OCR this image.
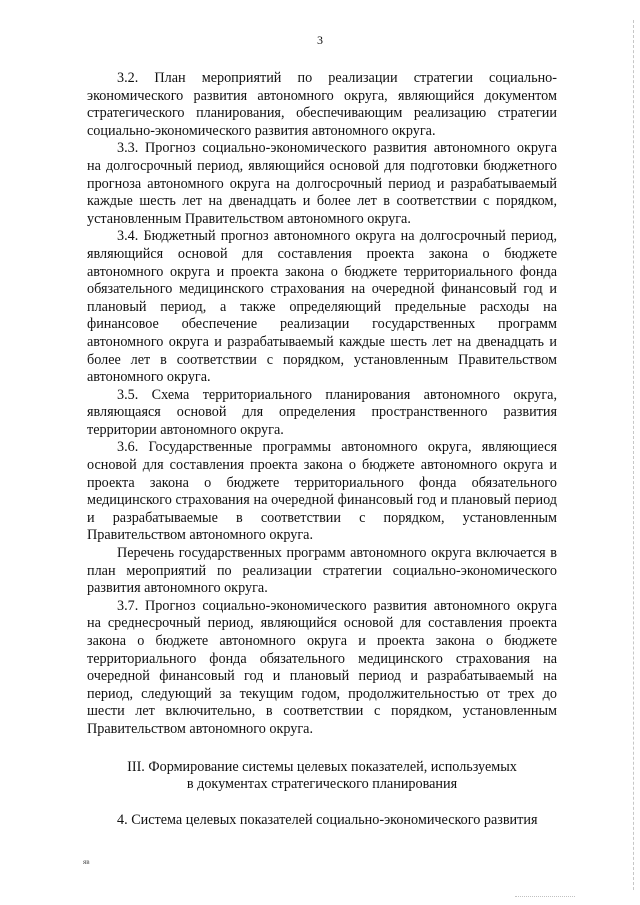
3

3.2. План мероприятий по реализации стратегии социально-экономического развития автономного округа, являющийся документом стратегического планирования, обеспечивающим реализацию стратегии социально-экономического развития автономного округа.

3.3. Прогноз социально-экономического развития автономного округа на долгосрочный период, являющийся основой для подготовки бюджетного прогноза автономного округа на долгосрочный период и разрабатываемый каждые шесть лет на двенадцать и более лет в соответствии с порядком, установленным Правительством автономного округа.

3.4. Бюджетный прогноз автономного округа на долгосрочный период, являющийся основой для составления проекта закона о бюджете автономного округа и проекта закона о бюджете территориального фонда обязательного медицинского страхования на очередной финансовый год и плановый период, а также определяющий предельные расходы на финансовое обеспечение реализации государственных программ автономного округа и разрабатываемый каждые шесть лет на двенадцать и более лет в соответствии с порядком, установленным Правительством автономного округа.

3.5. Схема территориального планирования автономного округа, являющаяся основой для определения пространственного развития территории автономного округа.

3.6. Государственные программы автономного округа, являющиеся основой для составления проекта закона о бюджете автономного округа и проекта закона о бюджете территориального фонда обязательного медицинского страхования на очередной финансовый год и плановый период и разрабатываемые в соответствии с порядком, установленным Правительством автономного округа.

Перечень государственных программ автономного округа включается в план мероприятий по реализации стратегии социально-экономического развития автономного округа.

3.7. Прогноз социально-экономического развития автономного округа на среднесрочный период, являющийся основой для составления проекта закона о бюджете автономного округа и проекта закона о бюджете территориального фонда обязательного медицинского страхования на очередной финансовый год и плановый период и разрабатываемый на период, следующий за текущим годом, продолжительностью от трех до шести лет включительно, в соответствии с порядком, установленным Правительством автономного округа.

III. Формирование системы целевых показателей, используемых
в документах стратегического планирования

4. Система целевых показателей социально-экономического развития

яв
